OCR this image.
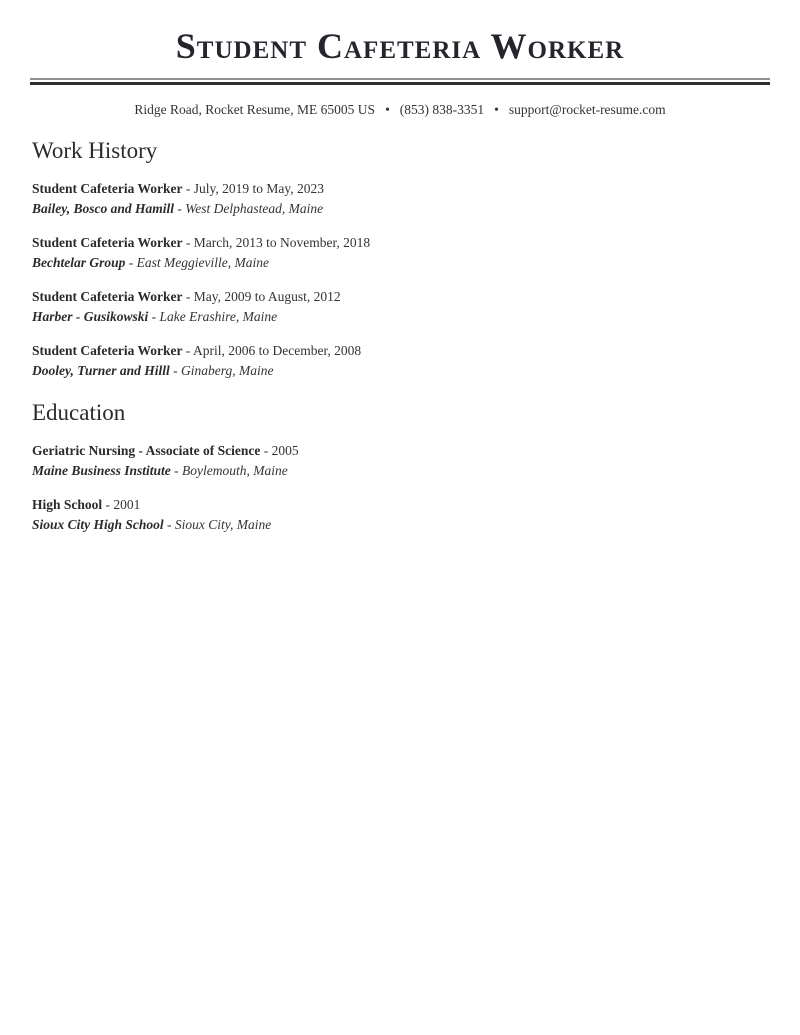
Student Cafeteria Worker

Ridge Road, Rocket Resume, ME 65005 US • (853) 838-3351 • support@rocket-resume.com

Work History

Student Cafeteria Worker - July, 2019 to May, 2023

Bailey, Bosco and Hamill - West Delphastead, Maine

Student Cafeteria Worker - March, 2013 to November, 2018

Bechtelar Group - East Meggieville, Maine

Student Cafeteria Worker - May, 2009 to August, 2012

Harber - Gusikowski - Lake Erashire, Maine

Student Cafeteria Worker - April, 2006 to December, 2008

Dooley, Turner and Hilll - Ginaberg, Maine

Education

Geriatric Nursing - Associate of Science - 2005

Maine Business Institute - Boylemouth, Maine

High School - 2001

Sioux City High School - Sioux City, Maine
